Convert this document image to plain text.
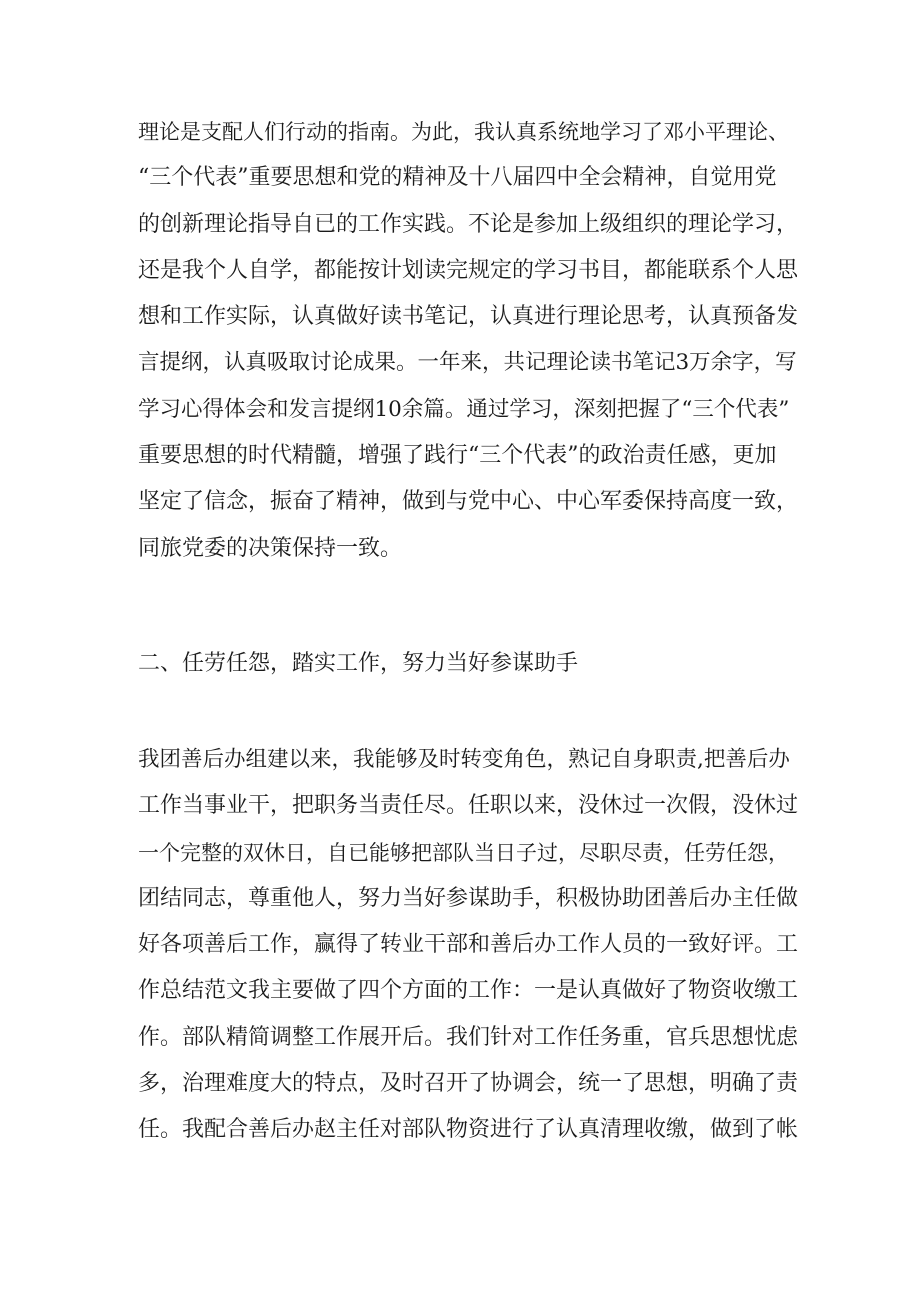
理论是支配人们行动的指南。为此，我认真系统地学习了邓小平理论、
“三个代表”重要思想和党的精神及十八届四中全会精神，自觉用党
的创新理论指导自已的工作实践。不论是参加上级组织的理论学习，
还是我个人自学，都能按计划读完规定的学习书目，都能联系个人思
想和工作实际，认真做好读书笔记，认真进行理论思考，认真预备发
言提纲，认真吸取讨论成果。一年来，共记理论读书笔记3万余字，写
学习心得体会和发言提纲10余篇。通过学习，深刻把握了“三个代表”
重要思想的时代精髓，增强了践行“三个代表”的政治责任感，更加
坚定了信念，振奋了精神，做到与党中心、中心军委保持高度一致，
同旅党委的决策保持一致。
二、任劳任怨，踏实工作，努力当好参谋助手
我团善后办组建以来，我能够及时转变角色，熟记自身职责,把善后办
工作当事业干，把职务当责任尽。任职以来，没休过一次假，没休过
一个完整的双休日，自已能够把部队当日子过，尽职尽责，任劳任怨，
团结同志，尊重他人，努力当好参谋助手，积极协助团善后办主任做
好各项善后工作，赢得了转业干部和善后办工作人员的一致好评。工
作总结范文我主要做了四个方面的工作：一是认真做好了物资收缴工
作。部队精简调整工作展开后。我们针对工作任务重，官兵思想忧虑
多，治理难度大的特点，及时召开了协调会，统一了思想，明确了责
任。我配合善后办赵主任对部队物资进行了认真清理收缴，做到了帐
